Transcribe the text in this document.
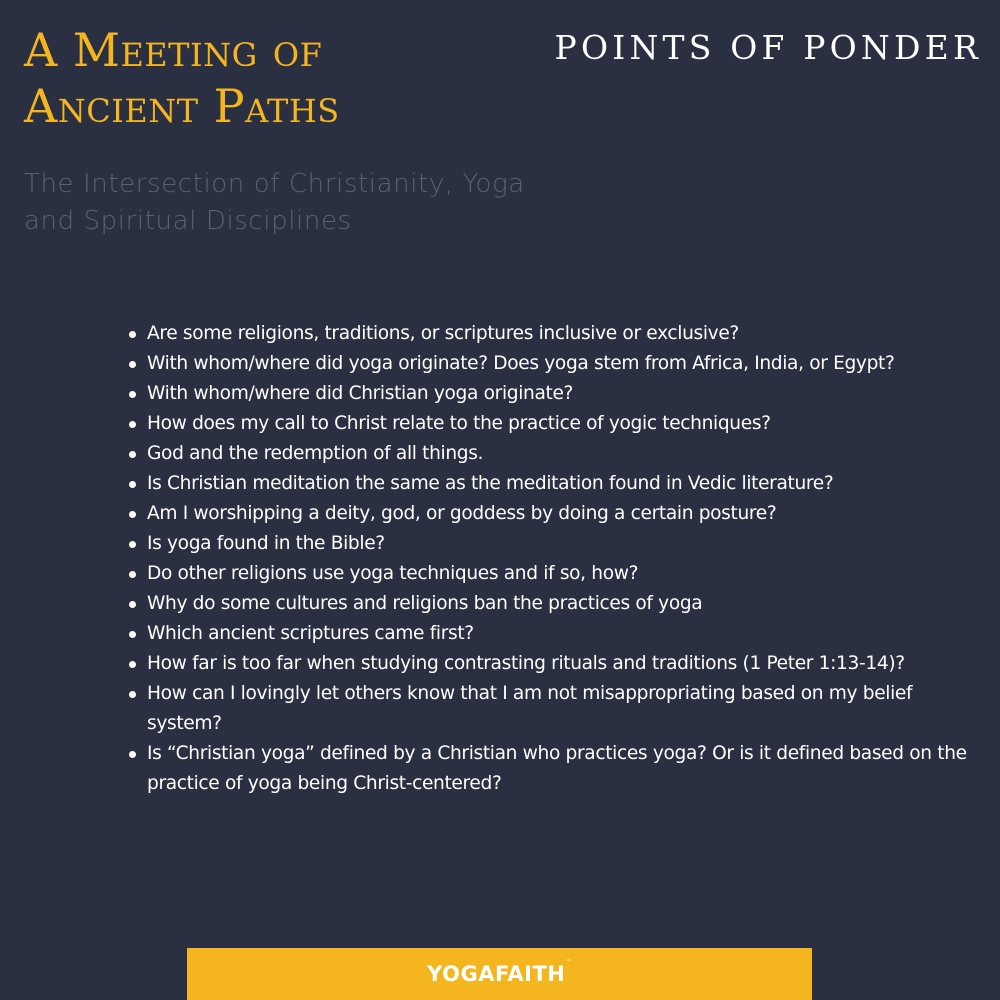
A Meeting of
Ancient Paths
POINTS OF PONDER

The Intersection of Christianity, Yoga
and Spiritual Disciplines

Are some religions, traditions, or scriptures inclusive or exclusive?
With whom/where did yoga originate? Does yoga stem from Africa, India, or Egypt?
With whom/where did Christian yoga originate?
How does my call to Christ relate to the practice of yogic techniques?
God and the redemption of all things.
Is Christian meditation the same as the meditation found in Vedic literature?
Am I worshipping a deity, god, or goddess by doing a certain posture?
Is yoga found in the Bible?
Do other religions use yoga techniques and if so, how?
Why do some cultures and religions ban the practices of yoga
Which ancient scriptures came first?
How far is too far when studying contrasting rituals and traditions (1 Peter 1:13-14)?
How can I lovingly let others know that I am not misappropriating based on my belief system?
Is “Christian yoga” defined by a Christian who practices yoga? Or is it defined based on the practice of yoga being Christ-centered?
YOGAFAITH™
